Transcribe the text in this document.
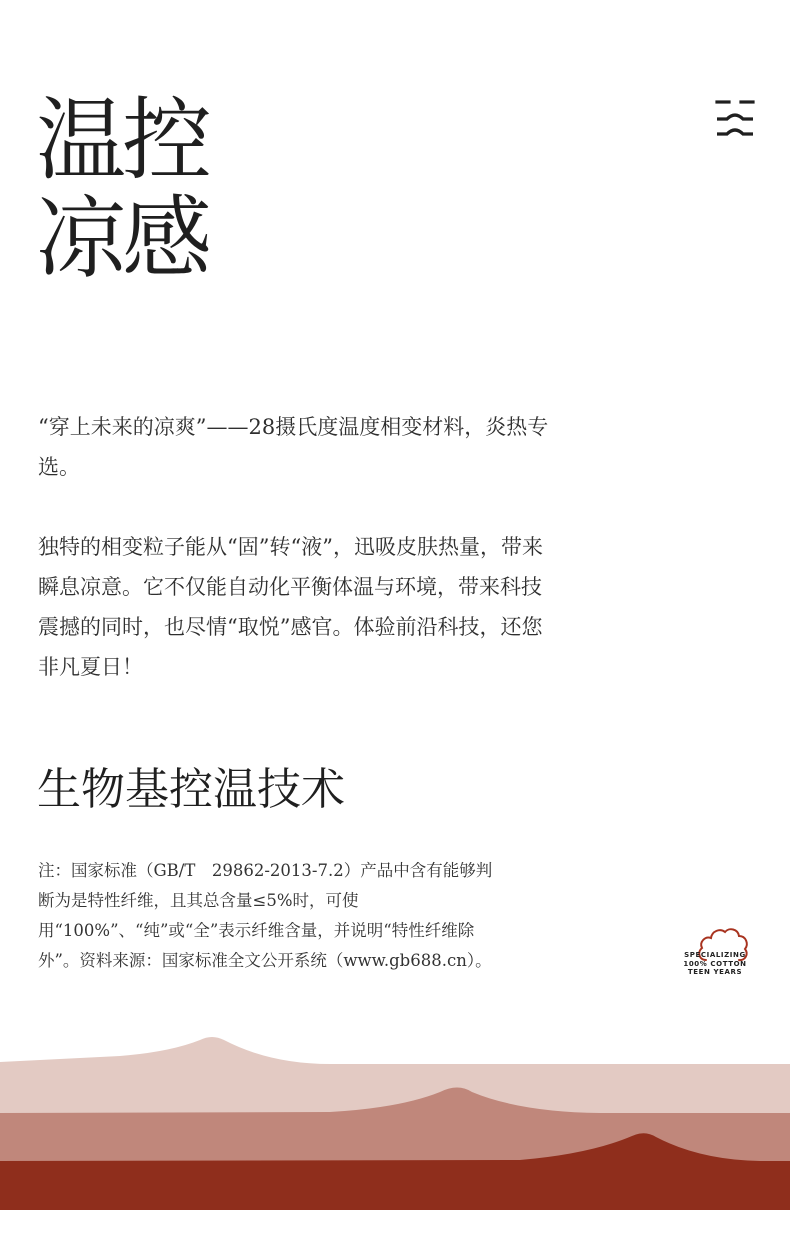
温控
凉感

“穿上未来的凉爽”——28摄氏度温度相变材料，炎热专选。

独特的相变粒子能从“固”转“液”，迅吸皮肤热量，带来瞬息凉意。它不仅能自动化平衡体温与环境，带来科技震撼的同时，也尽情“取悦”感官。体验前沿科技，还您非凡夏日！

生物基控温技术

注：国家标准（GB/T　29862-2013-7.2）产品中含有能够判断为是特性纤维，且其总含量≤5%时，可使用“100%”、“纯”或“全”表示纤维含量，并说明“特性纤维除外”。资料来源：国家标准全文公开系统（www.gb688.cn）。	SPECIALIZING
100% COTTON
TEEN YEARS
